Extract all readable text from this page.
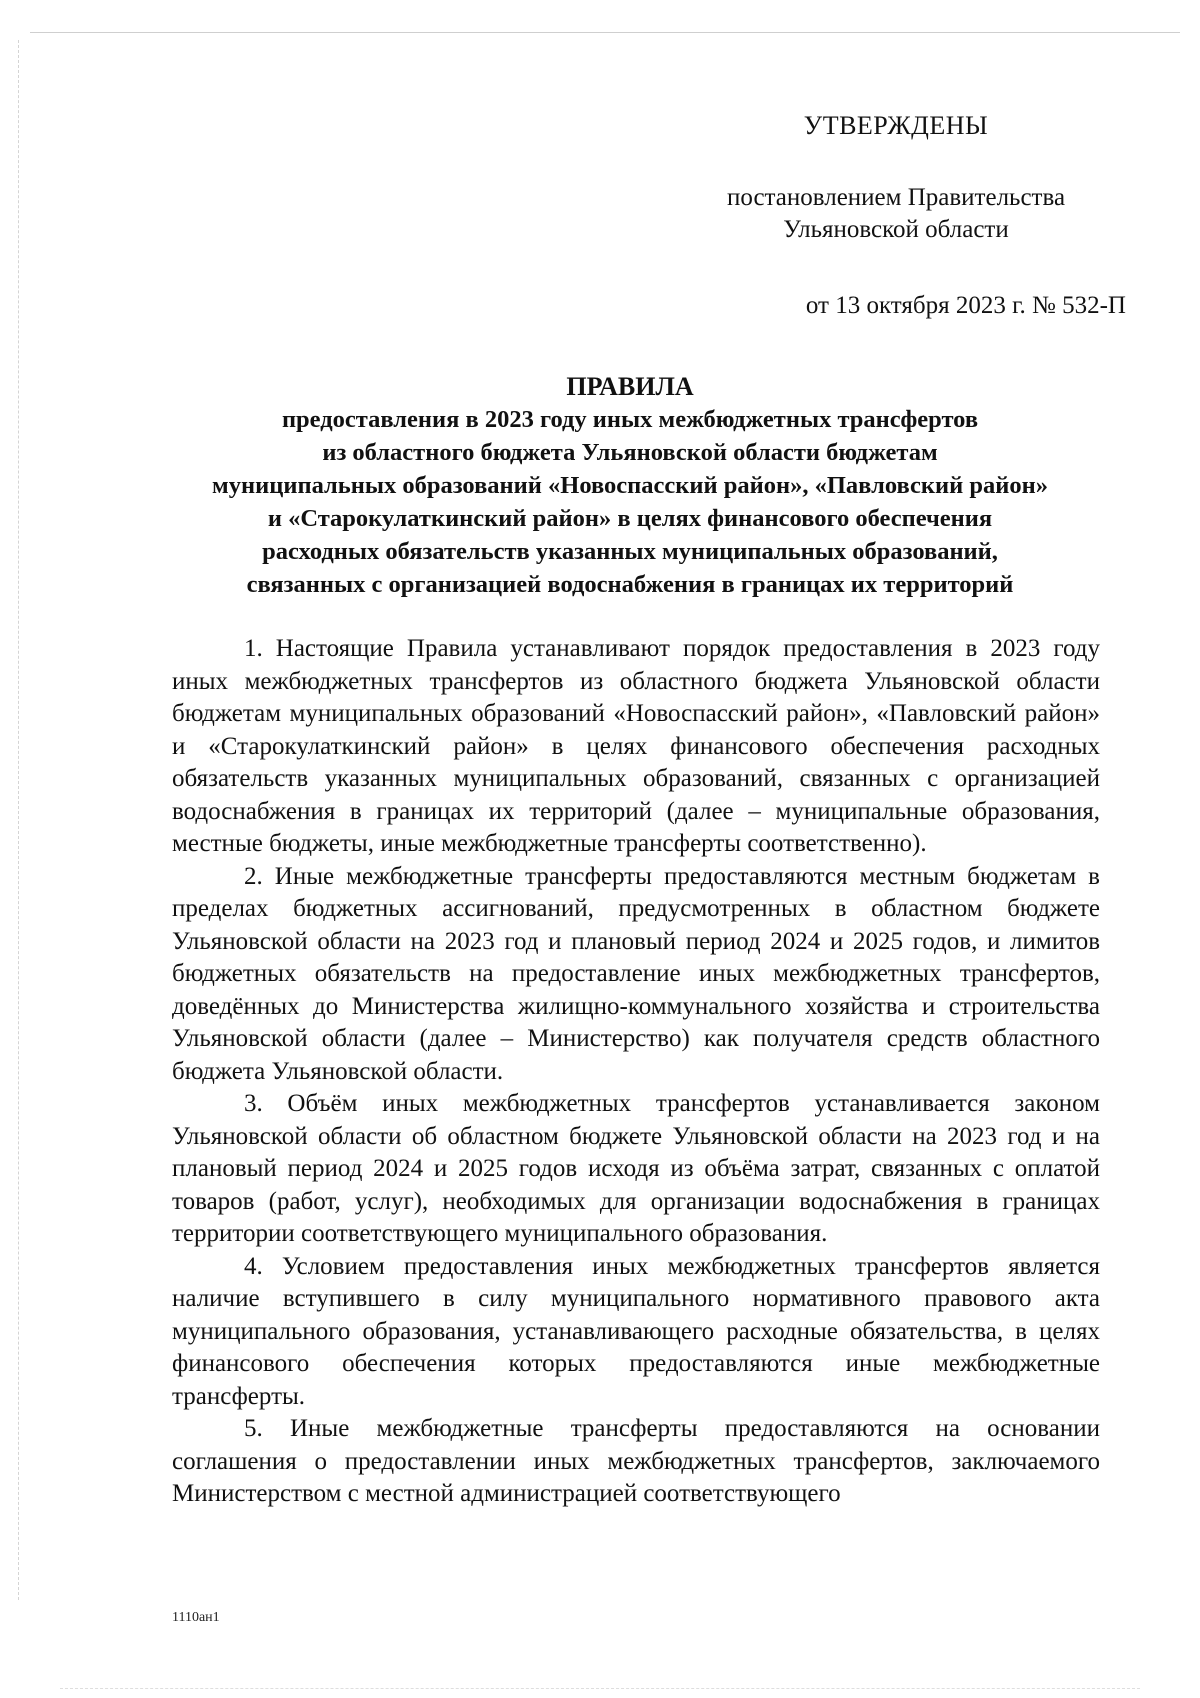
УТВЕРЖДЕНЫ
постановлением Правительства
Ульяновской области
от 13 октября 2023 г. № 532-П
ПРАВИЛА
предоставления в 2023 году иных межбюджетных трансфертов
из областного бюджета Ульяновской области бюджетам
муниципальных образований «Новоспасский район», «Павловский район»
и «Старокулаткинский район» в целях финансового обеспечения
расходных обязательств указанных муниципальных образований,
связанных с организацией водоснабжения в границах их территорий

1. Настоящие Правила устанавливают порядок предоставления в 2023 году иных межбюджетных трансфертов из областного бюджета Ульяновской области бюджетам муниципальных образований «Новоспасский район», «Павловский район» и «Старокулаткинский район» в целях финансового обеспечения расходных обязательств указанных муниципальных образований, связанных с организацией водоснабжения в границах их территорий (далее – муниципальные образования, местные бюджеты, иные межбюджетные трансферты соответственно).

2. Иные межбюджетные трансферты предоставляются местным бюджетам в пределах бюджетных ассигнований, предусмотренных в областном бюджете Ульяновской области на 2023 год и плановый период 2024 и 2025 годов, и лимитов бюджетных обязательств на предоставление иных межбюджетных трансфертов, доведённых до Министерства жилищно-коммунального хозяйства и строительства Ульяновской области (далее – Министерство) как получателя средств областного бюджета Ульяновской области.

3. Объём иных межбюджетных трансфертов устанавливается законом Ульяновской области об областном бюджете Ульяновской области на 2023 год и на плановый период 2024 и 2025 годов исходя из объёма затрат, связанных с оплатой товаров (работ, услуг), необходимых для организации водоснабжения в границах территории соответствующего муниципального образования.

4. Условием предоставления иных межбюджетных трансфертов является наличие вступившего в силу муниципального нормативного правового акта муниципального образования, устанавливающего расходные обязательства, в целях финансового обеспечения которых предоставляются иные межбюджетные трансферты.

5. Иные межбюджетные трансферты предоставляются на основании соглашения о предоставлении иных межбюджетных трансфертов, заключаемого Министерством с местной администрацией соответствующего

1110ан1
